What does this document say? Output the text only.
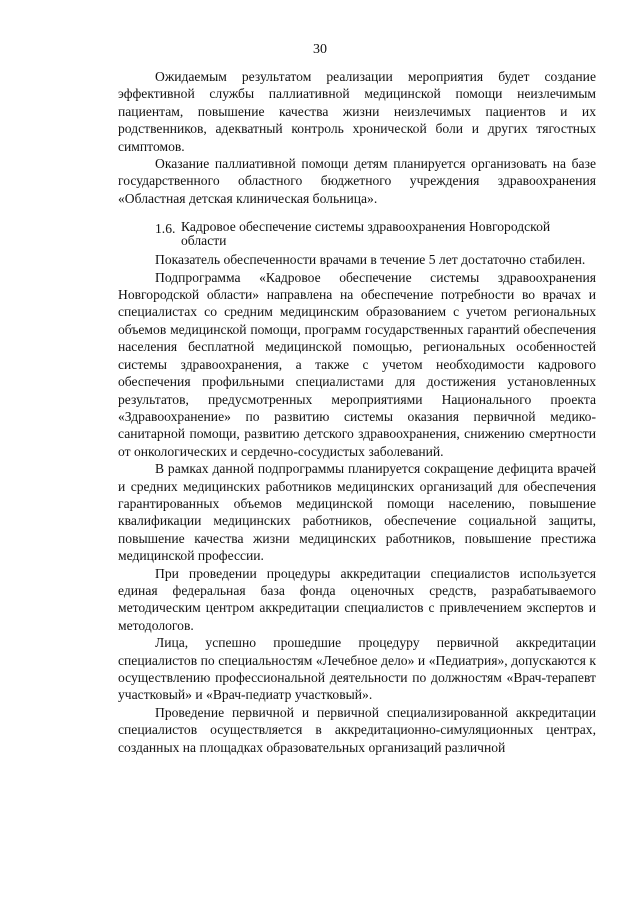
30

Ожидаемым результатом реализации мероприятия будет создание эффективной службы паллиативной медицинской помощи неизлечимым пациентам, повышение качества жизни неизлечимых пациентов и их родственников, адекватный контроль хронической боли и других тягостных симптомов.

Оказание паллиативной помощи детям планируется организовать на базе государственного областного бюджетного учреждения здравоохранения «Областная детская клиническая больница».

1.6. Кадровое обеспечение системы здравоохранения Новгородской области

Показатель обеспеченности врачами в течение 5 лет достаточно стабилен.

Подпрограмма «Кадровое обеспечение системы здравоохранения Новгородской области» направлена на обеспечение потребности во врачах и специалистах со средним медицинским образованием с учетом региональных объемов медицинской помощи, программ государственных гарантий обеспечения населения бесплатной медицинской помощью, региональных особенностей системы здравоохранения, а также с учетом необходимости кадрового обеспечения профильными специалистами для достижения установленных результатов, предусмотренных мероприятиями Национального проекта «Здравоохранение» по развитию системы оказания первичной медико-санитарной помощи, развитию детского здравоохранения, снижению смертности от онкологических и сердечно-сосудистых заболеваний.

В рамках данной подпрограммы планируется сокращение дефицита врачей и средних медицинских работников медицинских организаций для обеспечения гарантированных объемов медицинской помощи населению, повышение квалификации медицинских работников, обеспечение социальной защиты, повышение качества жизни медицинских работников, повышение престижа медицинской профессии.

При проведении процедуры аккредитации специалистов используется единая федеральная база фонда оценочных средств, разрабатываемого методическим центром аккредитации специалистов с привлечением экспертов и методологов.

Лица, успешно прошедшие процедуру первичной аккредитации специалистов по специальностям «Лечебное дело» и «Педиатрия», допускаются к осуществлению профессиональной деятельности по должностям «Врач-терапевт участковый» и «Врач-педиатр участковый».

Проведение первичной и первичной специализированной аккредитации специалистов осуществляется в аккредитационно-симуляционных центрах, созданных на площадках образовательных организаций различной
